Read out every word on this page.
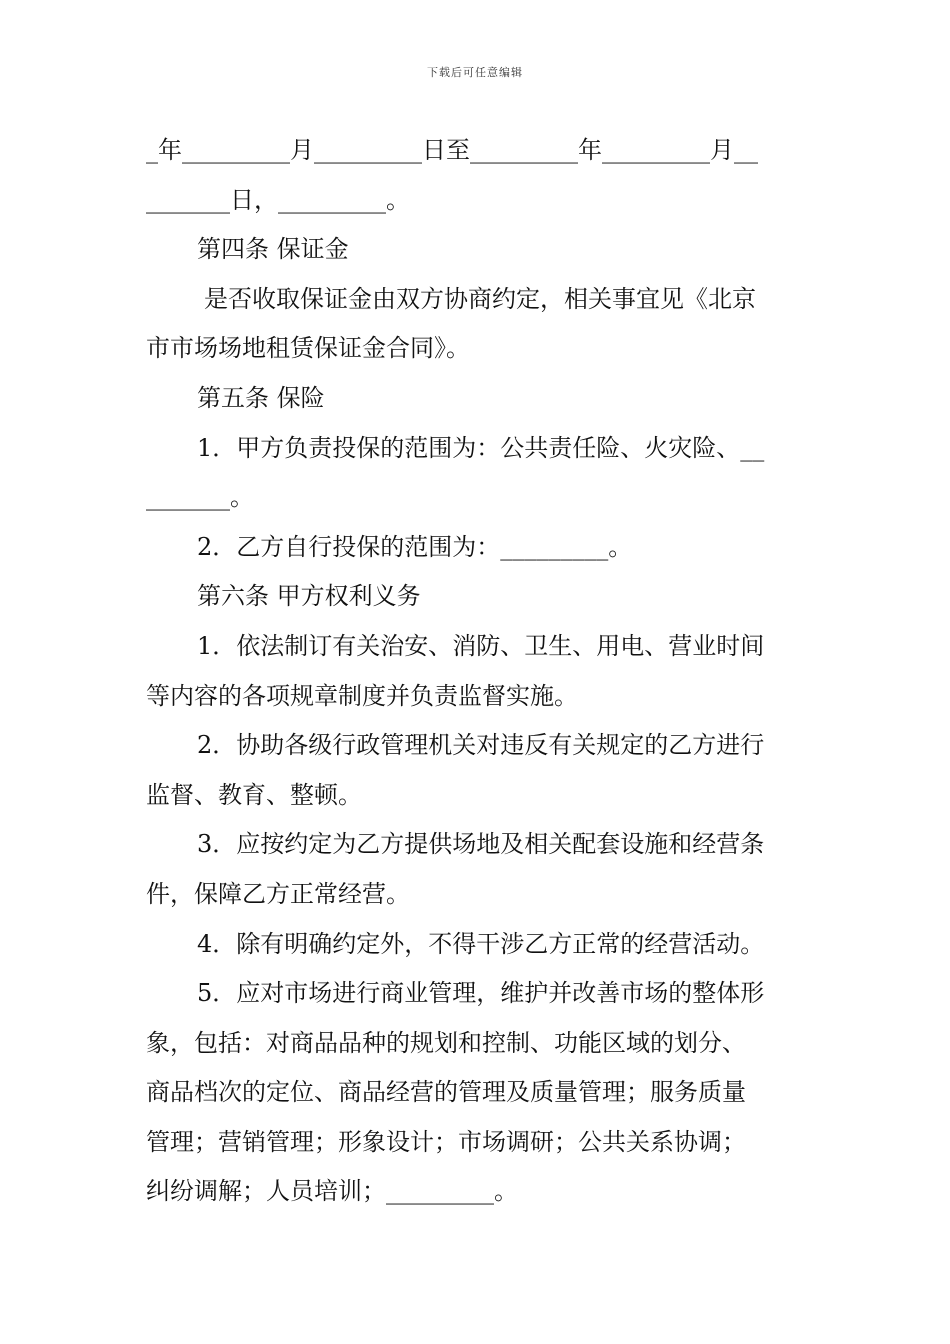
下载后可任意编辑
_年_________月_________日至_________年_________月__
_______日，_________。
第四条 保证金
是否收取保证金由双方协商约定，相关事宜见《北京
市市场场地租赁保证金合同》。
第五条 保险
1．甲方负责投保的范围为：公共责任险、火灾险、__
_______。
2．乙方自行投保的范围为：_________。
第六条 甲方权利义务
1．依法制订有关治安、消防、卫生、用电、营业时间
等内容的各项规章制度并负责监督实施。
2．协助各级行政管理机关对违反有关规定的乙方进行
监督、教育、整顿。
3．应按约定为乙方提供场地及相关配套设施和经营条
件，保障乙方正常经营。
4．除有明确约定外，不得干涉乙方正常的经营活动。
5．应对市场进行商业管理，维护并改善市场的整体形
象，包括：对商品品种的规划和控制、功能区域的划分、
商品档次的定位、商品经营的管理及质量管理；服务质量
管理；营销管理；形象设计；市场调研；公共关系协调；
纠纷调解；人员培训；_________。
